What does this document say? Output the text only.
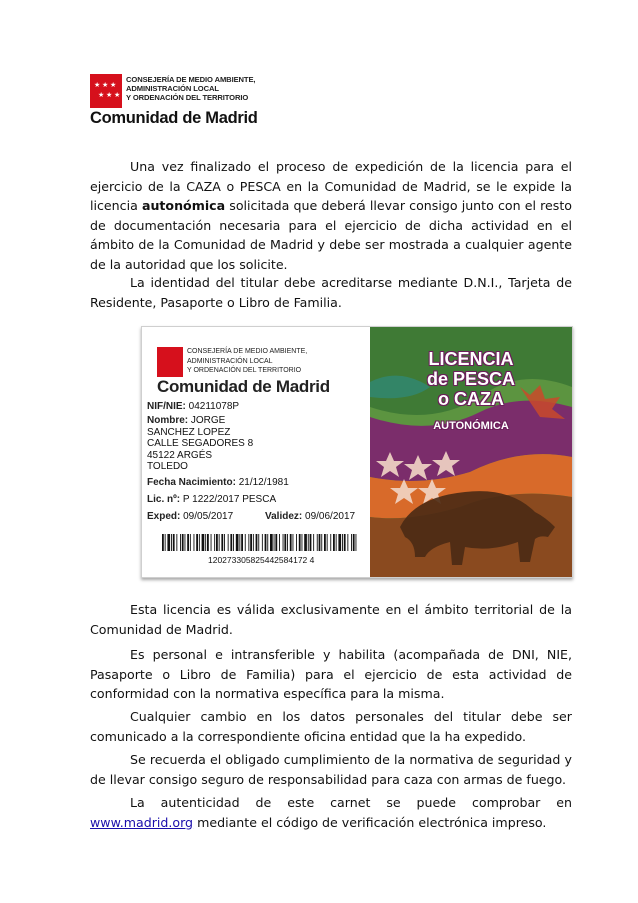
★ ★ ★
★ ★ ★
CONSEJERÍA DE MEDIO AMBIENTE,
ADMINISTRACIÓN LOCAL
Y ORDENACIÓN DEL TERRITORIO
Comunidad de Madrid
Una vez finalizado el proceso de expedición de la licencia para el ejercicio de la CAZA o PESCA en la Comunidad de Madrid, se le expide la licencia autonómica solicitada que deberá llevar consigo junto con el resto de documentación necesaria para el ejercicio de dicha actividad en el ámbito de la Comunidad de Madrid y debe ser mostrada a cualquier agente de la autoridad que los solicite.
La identidad del titular debe acreditarse mediante D.N.I., Tarjeta de Residente, Pasaporte o Libro de Familia.
CONSEJERÍA DE MEDIO AMBIENTE,
ADMINISTRACIÓN LOCAL
Y ORDENACIÓN DEL TERRITORIO
Comunidad de Madrid
NIF/NIE: 04211078P
Nombre: JORGE
SANCHEZ LOPEZ
CALLE SEGADORES 8
45122 ARGÉS
TOLEDO
Fecha Nacimiento: 21/12/1981
Lic. nº: P 1222/2017 PESCA
Exped: 09/05/2017	Validez: 09/06/2017
120273305825442584172 4
LICENCIA
de PESCA
o CAZA
AUTONÓMICA
Esta licencia es válida exclusivamente en el ámbito territorial de la Comunidad de Madrid.
Es personal e intransferible y habilita (acompañada de DNI, NIE, Pasaporte o Libro de Familia) para el ejercicio de esta actividad de conformidad con la normativa específica para la misma.
Cualquier cambio en los datos personales del titular debe ser comunicado a la correspondiente oficina entidad que la ha expedido.
Se recuerda el obligado cumplimiento de la normativa de seguridad y de llevar consigo seguro de responsabilidad para caza con armas de fuego.
La autenticidad de este carnet se puede comprobar en www.madrid.org mediante el código de verificación electrónica impreso.
